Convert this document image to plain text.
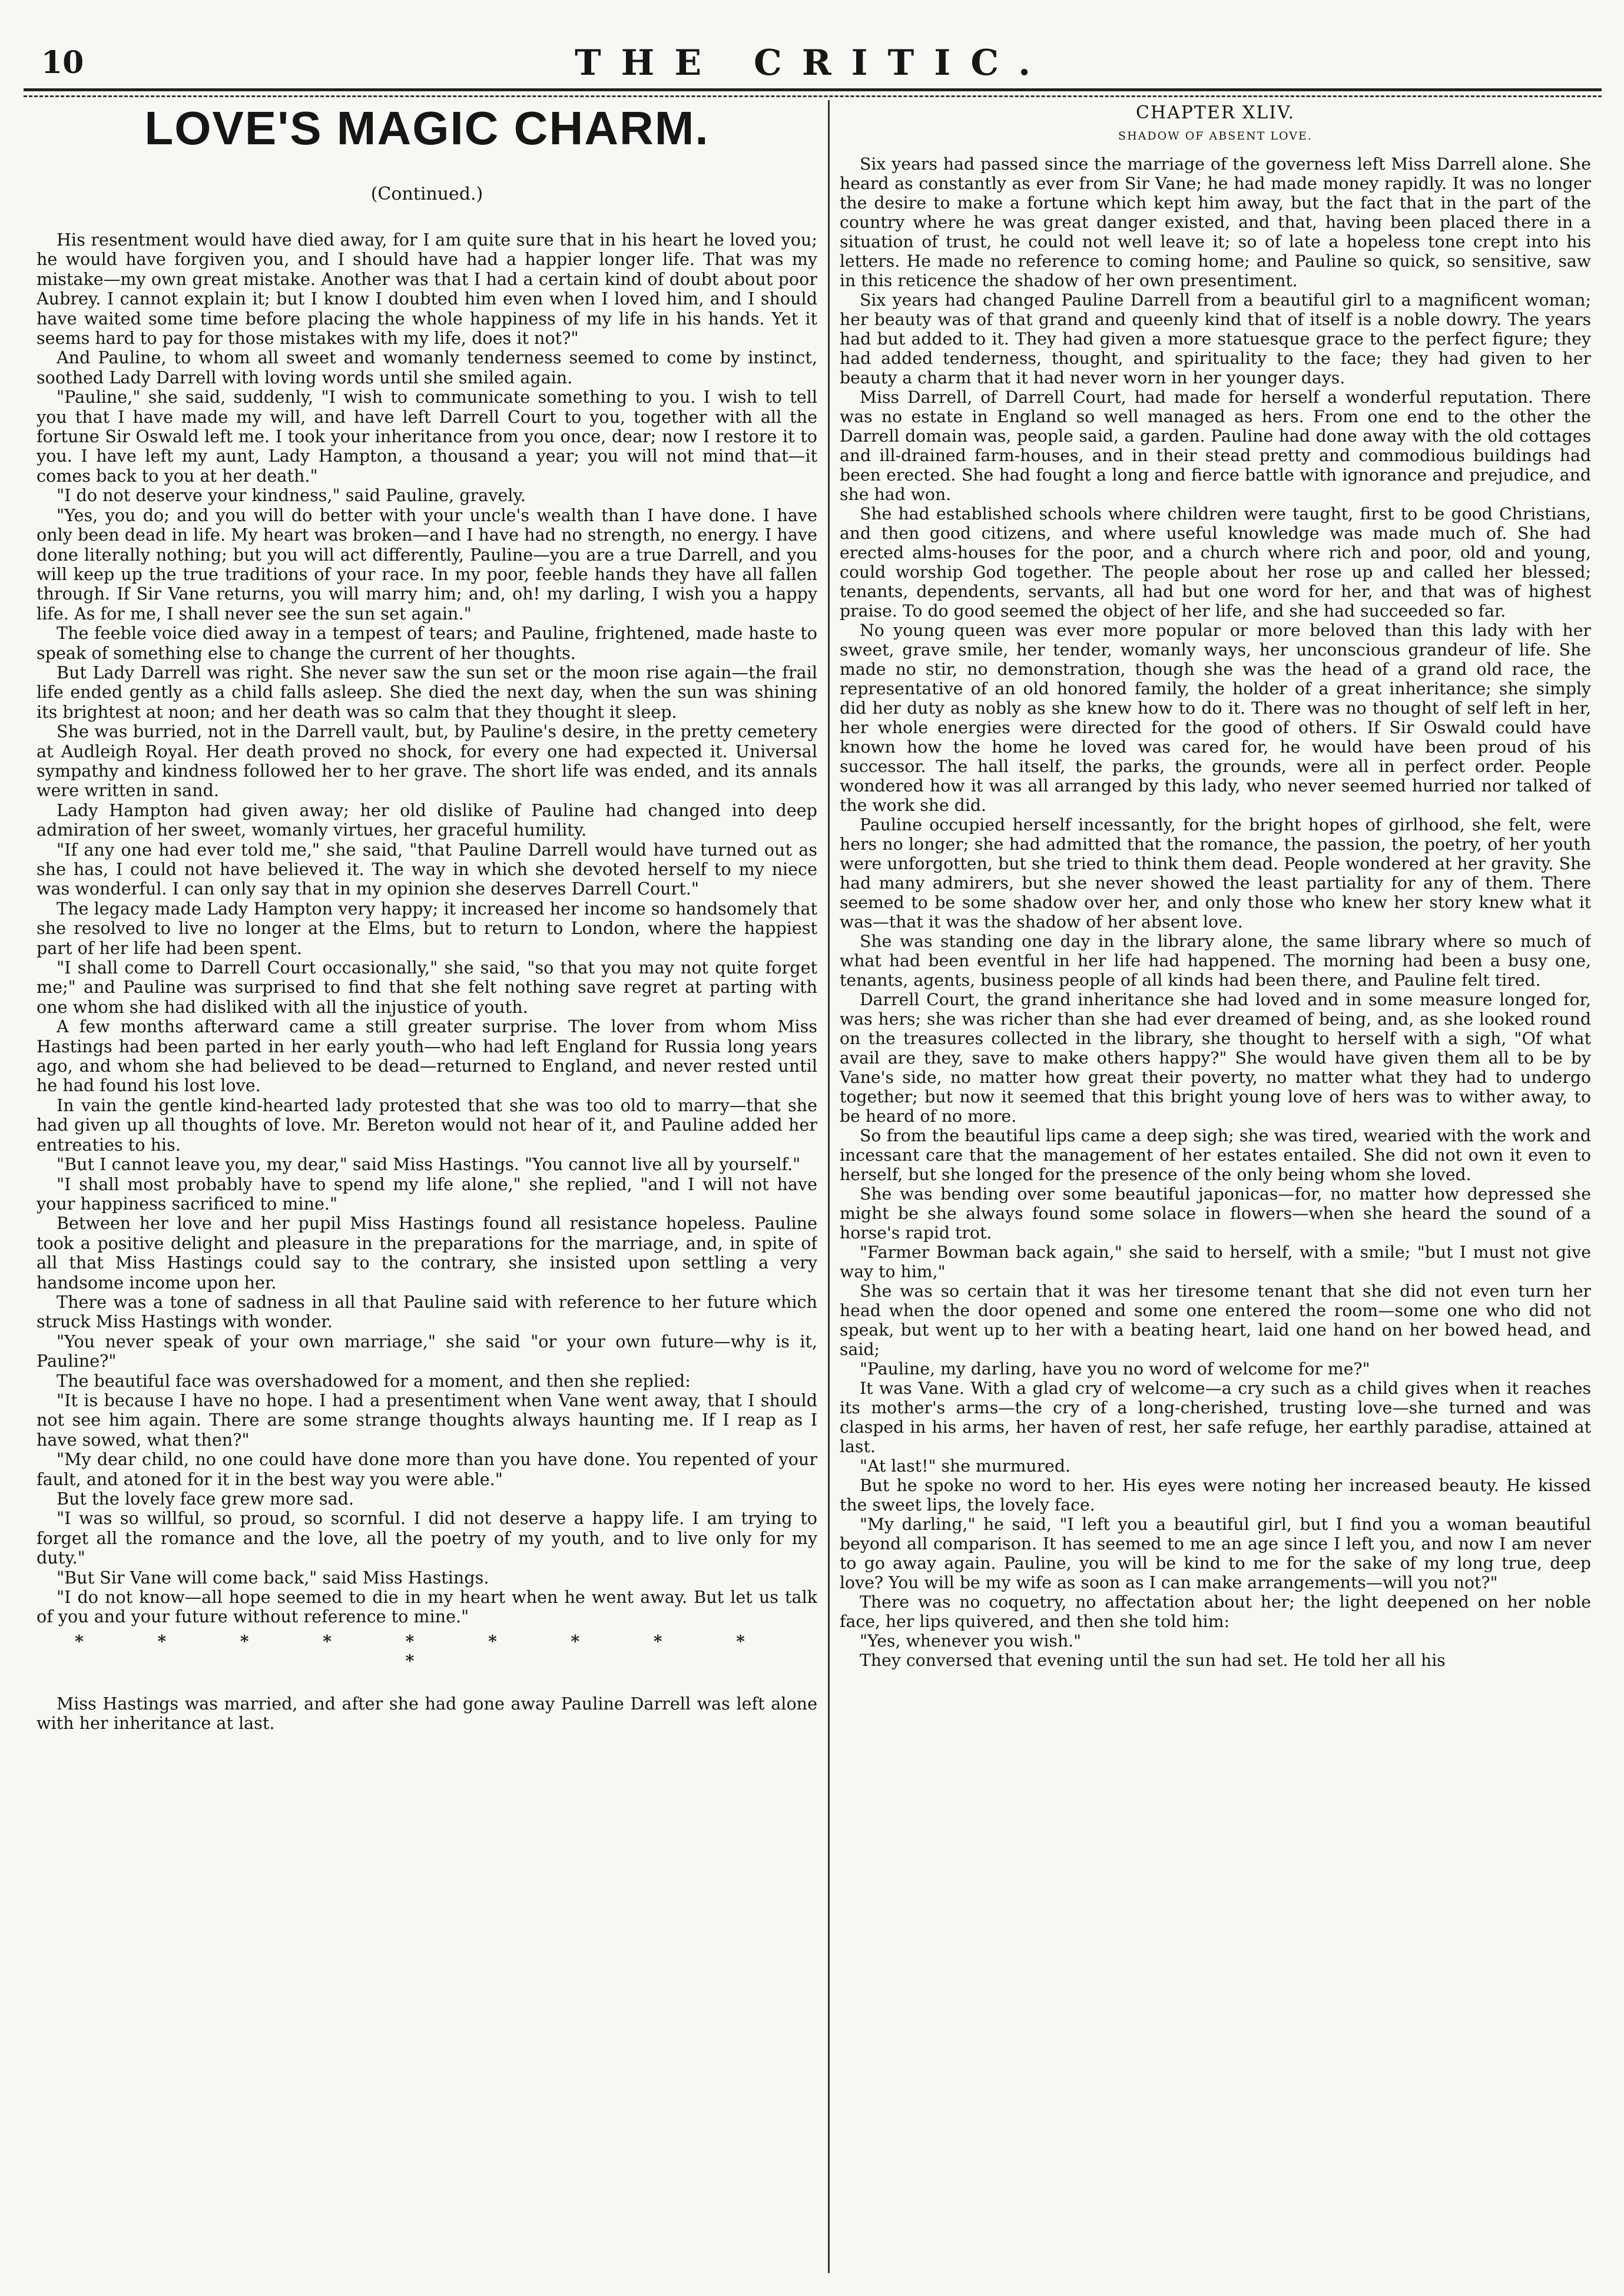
10	THE CRITIC.
LOVE'S MAGIC CHARM.
(Continued.)

His resentment would have died away, for I am quite sure that in his heart he loved you; he would have forgiven you, and I should have had a happier longer life. That was my mistake—my own great mistake. Another was that I had a certain kind of doubt about poor Aubrey. I cannot explain it; but I know I doubted him even when I loved him, and I should have waited some time before placing the whole happiness of my life in his hands. Yet it seems hard to pay for those mistakes with my life, does it not?"

And Pauline, to whom all sweet and womanly tenderness seemed to come by instinct, soothed Lady Darrell with loving words until she smiled again.

"Pauline," she said, suddenly, "I wish to communicate something to you. I wish to tell you that I have made my will, and have left Darrell Court to you, together with all the fortune Sir Oswald left me. I took your inheritance from you once, dear; now I restore it to you. I have left my aunt, Lady Hampton, a thousand a year; you will not mind that—it comes back to you at her death."

"I do not deserve your kindness," said Pauline, gravely.

"Yes, you do; and you will do better with your uncle's wealth than I have done. I have only been dead in life. My heart was broken—and I have had no strength, no energy. I have done literally nothing; but you will act differently, Pauline—you are a true Darrell, and you will keep up the true traditions of your race. In my poor, feeble hands they have all fallen through. If Sir Vane returns, you will marry him; and, oh! my darling, I wish you a happy life. As for me, I shall never see the sun set again."

The feeble voice died away in a tempest of tears; and Pauline, frightened, made haste to speak of something else to change the current of her thoughts.

But Lady Darrell was right. She never saw the sun set or the moon rise again—the frail life ended gently as a child falls asleep. She died the next day, when the sun was shining its brightest at noon; and her death was so calm that they thought it sleep.

She was burried, not in the Darrell vault, but, by Pauline's desire, in the pretty cemetery at Audleigh Royal. Her death proved no shock, for every one had expected it. Universal sympathy and kindness followed her to her grave. The short life was ended, and its annals were written in sand.

Lady Hampton had given away; her old dislike of Pauline had changed into deep admiration of her sweet, womanly virtues, her graceful humility.

"If any one had ever told me," she said, "that Pauline Darrell would have turned out as she has, I could not have believed it. The way in which she devoted herself to my niece was wonderful. I can only say that in my opinion she deserves Darrell Court."

The legacy made Lady Hampton very happy; it increased her income so handsomely that she resolved to live no longer at the Elms, but to return to London, where the happiest part of her life had been spent.

"I shall come to Darrell Court occasionally," she said, "so that you may not quite forget me;" and Pauline was surprised to find that she felt nothing save regret at parting with one whom she had disliked with all the injustice of youth.

A few months afterward came a still greater surprise. The lover from whom Miss Hastings had been parted in her early youth—who had left England for Russia long years ago, and whom she had believed to be dead—returned to England, and never rested until he had found his lost love.

In vain the gentle kind-hearted lady protested that she was too old to marry—that she had given up all thoughts of love. Mr. Bereton would not hear of it, and Pauline added her entreaties to his.

"But I cannot leave you, my dear," said Miss Hastings. "You cannot live all by yourself."

"I shall most probably have to spend my life alone," she replied, "and I will not have your happiness sacrificed to mine."

Between her love and her pupil Miss Hastings found all resistance hopeless. Pauline took a positive delight and pleasure in the preparations for the marriage, and, in spite of all that Miss Hastings could say to the contrary, she insisted upon settling a very handsome income upon her.

There was a tone of sadness in all that Pauline said with reference to her future which struck Miss Hastings with wonder.

"You never speak of your own marriage," she said "or your own future—why is it, Pauline?"

The beautiful face was overshadowed for a moment, and then she replied:

"It is because I have no hope. I had a presentiment when Vane went away, that I should not see him again. There are some strange thoughts always haunting me. If I reap as I have sowed, what then?"

"My dear child, no one could have done more than you have done. You repented of your fault, and atoned for it in the best way you were able."

But the lovely face grew more sad.

"I was so willful, so proud, so scornful. I did not deserve a happy life. I am trying to forget all the romance and the love, all the poetry of my youth, and to live only for my duty."

"But Sir Vane will come back," said Miss Hastings.

"I do not know—all hope seemed to die in my heart when he went away. But let us talk of you and your future without reference to mine."

* * * * * * * * * *

Miss Hastings was married, and after she had gone away Pauline Darrell was left alone with her inheritance at last.

CHAPTER XLIV.
SHADOW OF ABSENT LOVE.

Six years had passed since the marriage of the governess left Miss Darrell alone. She heard as constantly as ever from Sir Vane; he had made money rapidly. It was no longer the desire to make a fortune which kept him away, but the fact that in the part of the country where he was great danger existed, and that, having been placed there in a situation of trust, he could not well leave it; so of late a hopeless tone crept into his letters. He made no reference to coming home; and Pauline so quick, so sensitive, saw in this reticence the shadow of her own presentiment.

Six years had changed Pauline Darrell from a beautiful girl to a magnificent woman; her beauty was of that grand and queenly kind that of itself is a noble dowry. The years had but added to it. They had given a more statuesque grace to the perfect figure; they had added tenderness, thought, and spirituality to the face; they had given to her beauty a charm that it had never worn in her younger days.

Miss Darrell, of Darrell Court, had made for herself a wonderful reputation. There was no estate in England so well managed as hers. From one end to the other the Darrell domain was, people said, a garden. Pauline had done away with the old cottages and ill-drained farm-houses, and in their stead pretty and commodious buildings had been erected. She had fought a long and fierce battle with ignorance and prejudice, and she had won.

She had established schools where children were taught, first to be good Christians, and then good citizens, and where useful knowledge was made much of. She had erected alms-houses for the poor, and a church where rich and poor, old and young, could worship God together. The people about her rose up and called her blessed; tenants, dependents, servants, all had but one word for her, and that was of highest praise. To do good seemed the object of her life, and she had succeeded so far.

No young queen was ever more popular or more beloved than this lady with her sweet, grave smile, her tender, womanly ways, her unconscious grandeur of life. She made no stir, no demonstration, though she was the head of a grand old race, the representative of an old honored family, the holder of a great inheritance; she simply did her duty as nobly as she knew how to do it. There was no thought of self left in her, her whole energies were directed for the good of others. If Sir Oswald could have known how the home he loved was cared for, he would have been proud of his successor. The hall itself, the parks, the grounds, were all in perfect order. People wondered how it was all arranged by this lady, who never seemed hurried nor talked of the work she did.

Pauline occupied herself incessantly, for the bright hopes of girlhood, she felt, were hers no longer; she had admitted that the romance, the passion, the poetry, of her youth were unforgotten, but she tried to think them dead. People wondered at her gravity. She had many admirers, but she never showed the least partiality for any of them. There seemed to be some shadow over her, and only those who knew her story knew what it was—that it was the shadow of her absent love.

She was standing one day in the library alone, the same library where so much of what had been eventful in her life had happened. The morning had been a busy one, tenants, agents, business people of all kinds had been there, and Pauline felt tired.

Darrell Court, the grand inheritance she had loved and in some measure longed for, was hers; she was richer than she had ever dreamed of being, and, as she looked round on the treasures collected in the library, she thought to herself with a sigh, "Of what avail are they, save to make others happy?" She would have given them all to be by Vane's side, no matter how great their poverty, no matter what they had to undergo together; but now it seemed that this bright young love of hers was to wither away, to be heard of no more.

So from the beautiful lips came a deep sigh; she was tired, wearied with the work and incessant care that the management of her estates entailed. She did not own it even to herself, but she longed for the presence of the only being whom she loved.

She was bending over some beautiful japonicas—for, no matter how depressed she might be she always found some solace in flowers—when she heard the sound of a horse's rapid trot.

"Farmer Bowman back again," she said to herself, with a smile; "but I must not give way to him,"

She was so certain that it was her tiresome tenant that she did not even turn her head when the door opened and some one entered the room—some one who did not speak, but went up to her with a beating heart, laid one hand on her bowed head, and said;

"Pauline, my darling, have you no word of welcome for me?"

It was Vane. With a glad cry of welcome—a cry such as a child gives when it reaches its mother's arms—the cry of a long-cherished, trusting love—she turned and was clasped in his arms, her haven of rest, her safe refuge, her earthly paradise, attained at last.

"At last!" she murmured.

But he spoke no word to her. His eyes were noting her increased beauty. He kissed the sweet lips, the lovely face.

"My darling," he said, "I left you a beautiful girl, but I find you a woman beautiful beyond all comparison. It has seemed to me an age since I left you, and now I am never to go away again. Pauline, you will be kind to me for the sake of my long true, deep love? You will be my wife as soon as I can make arrangements—will you not?"

There was no coquetry, no affectation about her; the light deepened on her noble face, her lips quivered, and then she told him:

"Yes, whenever you wish."

They conversed that evening until the sun had set. He told her all his
